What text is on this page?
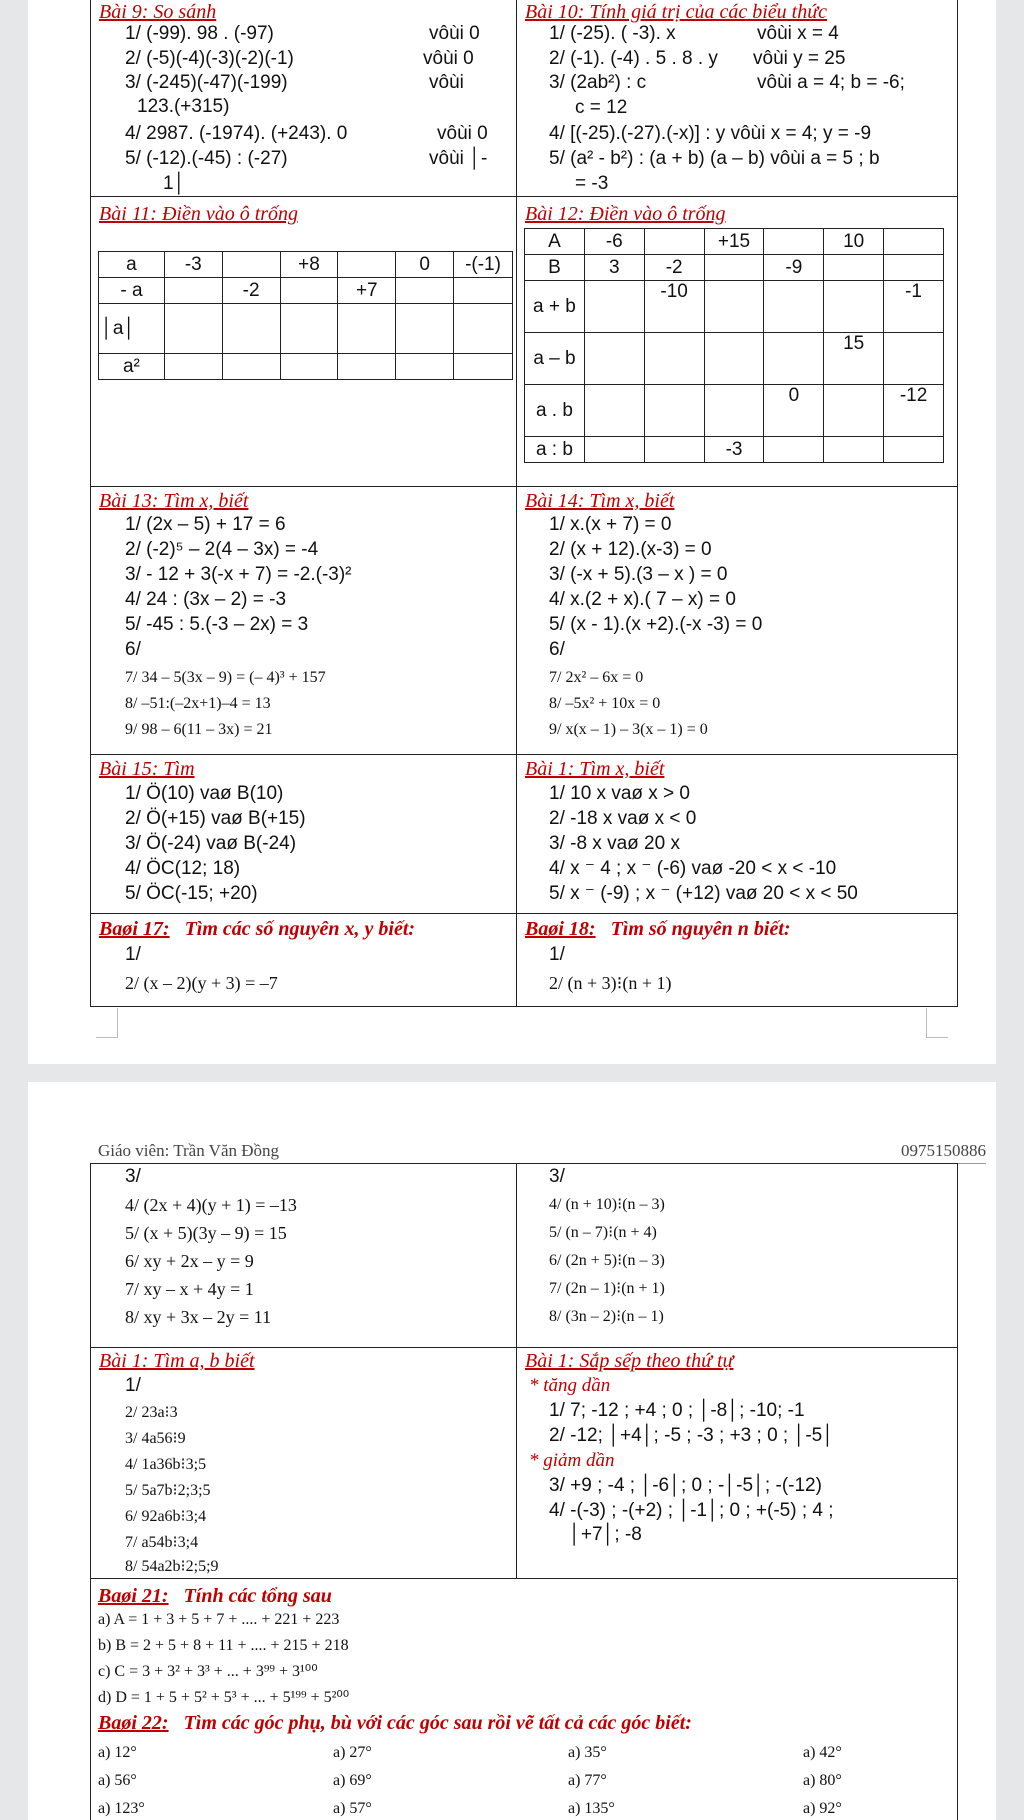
Bài 9: So sánh
1/ (-99). 98 . (-97)	vôùi 0
2/ (-5)(-4)(-3)(-2)(-1)	vôùi 0
3/ (-245)(-47)(-199)	vôùi
123.(+315)
4/ 2987. (-1974). (+243). 0	vôùi 0
5/ (-12).(-45) : (-27)	vôùi │-
1│
Bài 10: Tính giá trị của các biểu thức
1/ (-25). ( -3). x	vôùi x = 4
2/ (-1). (-4) . 5 . 8 . y vôùi y = 25
3/ (2ab²) : c	vôùi a = 4; b = -6;
c = 12
4/ [(-25).(-27).(-x)] : y vôùi x = 4; y = -9
5/ (a² - b²) : (a + b) (a – b) vôùi a = 5 ; b
= -3
Bài 11: Điền vào ô trống
a	-3		+8		0	-(-1)
- a		-2		+7		
│a│						
a²						
Bài 12: Điền vào ô trống
A	-6		+15		10	
B	3	-2		-9		
a + b		-10				-1
a – b					15	
a . b				0		-12
a : b			-3			
Bài 13: Tìm x, biết
1/ (2x – 5) + 17 = 6
2/ (-2)⁵ – 2(4 – 3x) = -4
3/ - 12 + 3(-x + 7) = -2.(-3)²
4/ 24 : (3x – 2) = -3
5/ -45 : 5.(-3 – 2x) = 3
6/
7/ 34 – 5(3x – 9) = (– 4)³ + 157
8/ –51:(–2x+1)–4 = 13
9/ 98 – 6(11 – 3x) = 21
Bài 14: Tìm x, biết
1/ x.(x + 7) = 0
2/ (x + 12).(x-3) = 0
3/ (-x + 5).(3 – x ) = 0
4/ x.(2 + x).( 7 – x) = 0
5/ (x - 1).(x +2).(-x -3) = 0
6/
7/ 2x² – 6x = 0
8/ –5x² + 10x = 0
9/ x(x – 1) – 3(x – 1) = 0
Bài 15: Tìm
1/ Ö(10) vaø B(10)
2/ Ö(+15) vaø B(+15)
3/ Ö(-24) vaø B(-24)
4/ ÖC(12; 18)
5/ ÖC(-15; +20)
Bài 1: Tìm x, biết
1/ 10 x vaø x > 0
2/ -18 x vaø x < 0
3/ -8 x vaø 20 x
4/ x ⁻ 4 ; x ⁻ (-6) vaø -20 < x < -10
5/ x ⁻ (-9) ; x ⁻ (+12) vaø 20 < x < 50
Baøi 17: Tìm các số nguyên x, y biết:
1/
2/ (x – 2)(y + 3) = –7
Baøi 18: Tìm số nguyên n biết:
1/
2/ (n + 3)⁝(n + 1)
Giáo viên: Trần Văn Đồng	0975150886
3/
4/ (2x + 4)(y + 1) = –13
5/ (x + 5)(3y – 9) = 15
6/ xy + 2x – y = 9
7/ xy – x + 4y = 1
8/ xy + 3x – 2y = 11
3/
4/ (n + 10)⁝(n – 3)
5/ (n – 7)⁝(n + 4)
6/ (2n + 5)⁝(n – 3)
7/ (2n – 1)⁝(n + 1)
8/ (3n – 2)⁝(n – 1)
Bài 1: Tìm a, b biết
1/
2/ 23a⁝3
3/ 4a56⁝9
4/ 1a36b⁝3;5
5/ 5a7b⁝2;3;5
6/ 92a6b⁝3;4
7/ a54b⁝3;4
8/ 54a2b⁝2;5;9
Bài 1: Sắp sếp theo thứ tự
* tăng dần
1/ 7; -12 ; +4 ; 0 ; │-8│; -10; -1
2/ -12; │+4│; -5 ; -3 ; +3 ; 0 ; │-5│
* giảm dần
3/ +9 ; -4 ; │-6│; 0 ; -│-5│; -(-12)
4/ -(-3) ; -(+2) ; │-1│; 0 ; +(-5) ; 4 ;
│+7│; -8
Baøi 21: Tính các tổng sau
a) A = 1 + 3 + 5 + 7 + .... + 221 + 223
b) B = 2 + 5 + 8 + 11 + .... + 215 + 218
c) C = 3 + 3² + 3³ + ... + 3⁹⁹ + 3¹⁰⁰
d) D = 1 + 5 + 5² + 5³ + ... + 5¹⁹⁹ + 5²⁰⁰
Baøi 22: Tìm các góc phụ, bù với các góc sau rồi vẽ tất cả các góc biết:
a) 12°	a) 27°	a) 35°	a) 42°
a) 56°	a) 69°	a) 77°	a) 80°
a) 123°	a) 57°	a) 135°	a) 92°
